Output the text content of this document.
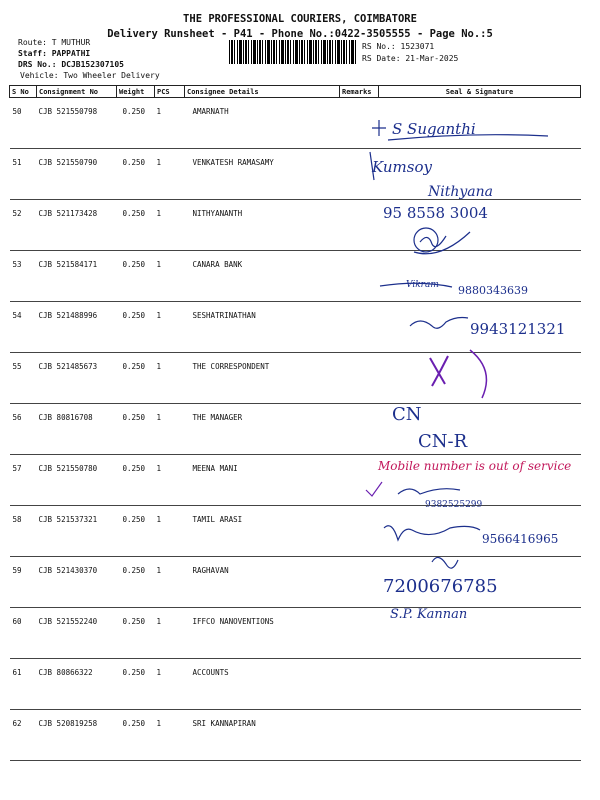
THE PROFESSIONAL COURIERS, COIMBATORE
Delivery Runsheet - P41 - Phone No.:0422-3505555 - Page No.:5
Route: T MUTHUR
Staff: PAPPATHI
DRS No.: DCJB152307105
Vehicle: Two Wheeler Delivery
RS No.: 1523071
RS Date: 21-Mar-2025
S No	Consignment No	Weight	PCS	Consignee Details	Remarks	Seal & Signature
50	CJB 521550798	0.250	1	AMARNATH		
51	CJB 521550790	0.250	1	VENKATESH RAMASAMY		
52	CJB 521173428	0.250	1	NITHYANANTH		
53	CJB 521584171	0.250	1	CANARA BANK		
54	CJB 521488996	0.250	1	SESHATRINATHAN		
55	CJB 521485673	0.250	1	THE CORRESPONDENT		
56	CJB 80816708	0.250	1	THE MANAGER		
57	CJB 521550780	0.250	1	MEENA MANI		
58	CJB 521537321	0.250	1	TAMIL ARASI		
59	CJB 521430370	0.250	1	RAGHAVAN		
60	CJB 521552240	0.250	1	IFFCO NANOVENTIONS		
61	CJB 80866322	0.250	1	ACCOUNTS		
62	CJB 520819258	0.250	1	SRI KANNAPIRAN		
S Suganthi
Kumsoy
Nithyana
95 8558 3004
Vikram 9880343639
9943121321
CN
CN-R
Mobile number is out of service
9382525299
9566416965
7200676785
S.P. Kannan
